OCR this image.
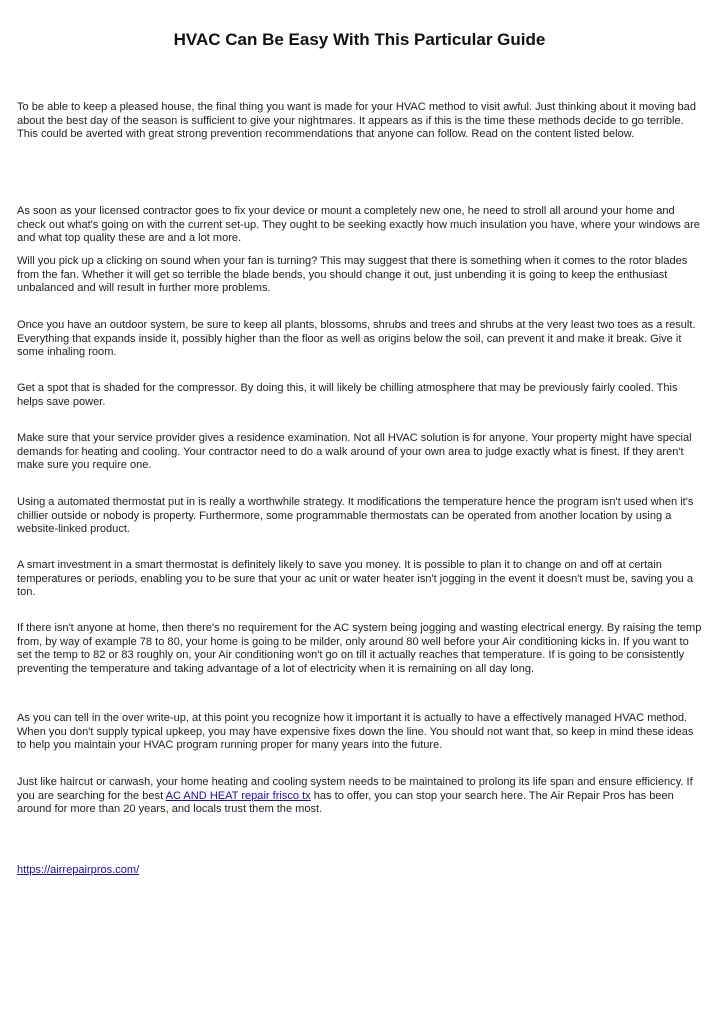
HVAC Can Be Easy With This Particular Guide

To be able to keep a pleased house, the final thing you want is made for your HVAC method to visit awful. Just thinking about it moving bad about the best day of the season is sufficient to give your nightmares. It appears as if this is the time these methods decide to go terrible. This could be averted with great strong prevention recommendations that anyone can follow. Read on the content listed below.

As soon as your licensed contractor goes to fix your device or mount a completely new one, he need to stroll all around your home and check out what's going on with the current set-up. They ought to be seeking exactly how much insulation you have, where your windows are and what top quality these are and a lot more.

Will you pick up a clicking on sound when your fan is turning? This may suggest that there is something when it comes to the rotor blades from the fan. Whether it will get so terrible the blade bends, you should change it out, just unbending it is going to keep the enthusiast unbalanced and will result in further more problems.

Once you have an outdoor system, be sure to keep all plants, blossoms, shrubs and trees and shrubs at the very least two toes as a result. Everything that expands inside it, possibly higher than the floor as well as origins below the soil, can prevent it and make it break. Give it some inhaling room.

Get a spot that is shaded for the compressor. By doing this, it will likely be chilling atmosphere that may be previously fairly cooled. This helps save power.

Make sure that your service provider gives a residence examination. Not all HVAC solution is for anyone. Your property might have special demands for heating and cooling. Your contractor need to do a walk around of your own area to judge exactly what is finest. If they aren't make sure you require one.

Using a automated thermostat put in is really a worthwhile strategy. It modifications the temperature hence the program isn't used when it's chillier outside or nobody is property. Furthermore, some programmable thermostats can be operated from another location by using a website-linked product.

A smart investment in a smart thermostat is definitely likely to save you money. It is possible to plan it to change on and off at certain temperatures or periods, enabling you to be sure that your ac unit or water heater isn't jogging in the event it doesn't must be, saving you a ton.

If there isn't anyone at home, then there's no requirement for the AC system being jogging and wasting electrical energy. By raising the temp from, by way of example 78 to 80, your home is going to be milder, only around 80 well before your Air conditioning kicks in. If you want to set the temp to 82 or 83 roughly on, your Air conditioning won't go on till it actually reaches that temperature. If is going to be consistently preventing the temperature and taking advantage of a lot of electricity when it is remaining on all day long.

As you can tell in the over write-up, at this point you recognize how it important it is actually to have a effectively managed HVAC method. When you don't supply typical upkeep, you may have expensive fixes down the line. You should not want that, so keep in mind these ideas to help you maintain your HVAC program running proper for many years into the future.

Just like haircut or carwash, your home heating and cooling system needs to be maintained to prolong its life span and ensure efficiency. If you are searching for the best AC AND HEAT repair frisco tx has to offer, you can stop your search here. The Air Repair Pros has been around for more than 20 years, and locals trust them the most.

https://airrepairpros.com/
